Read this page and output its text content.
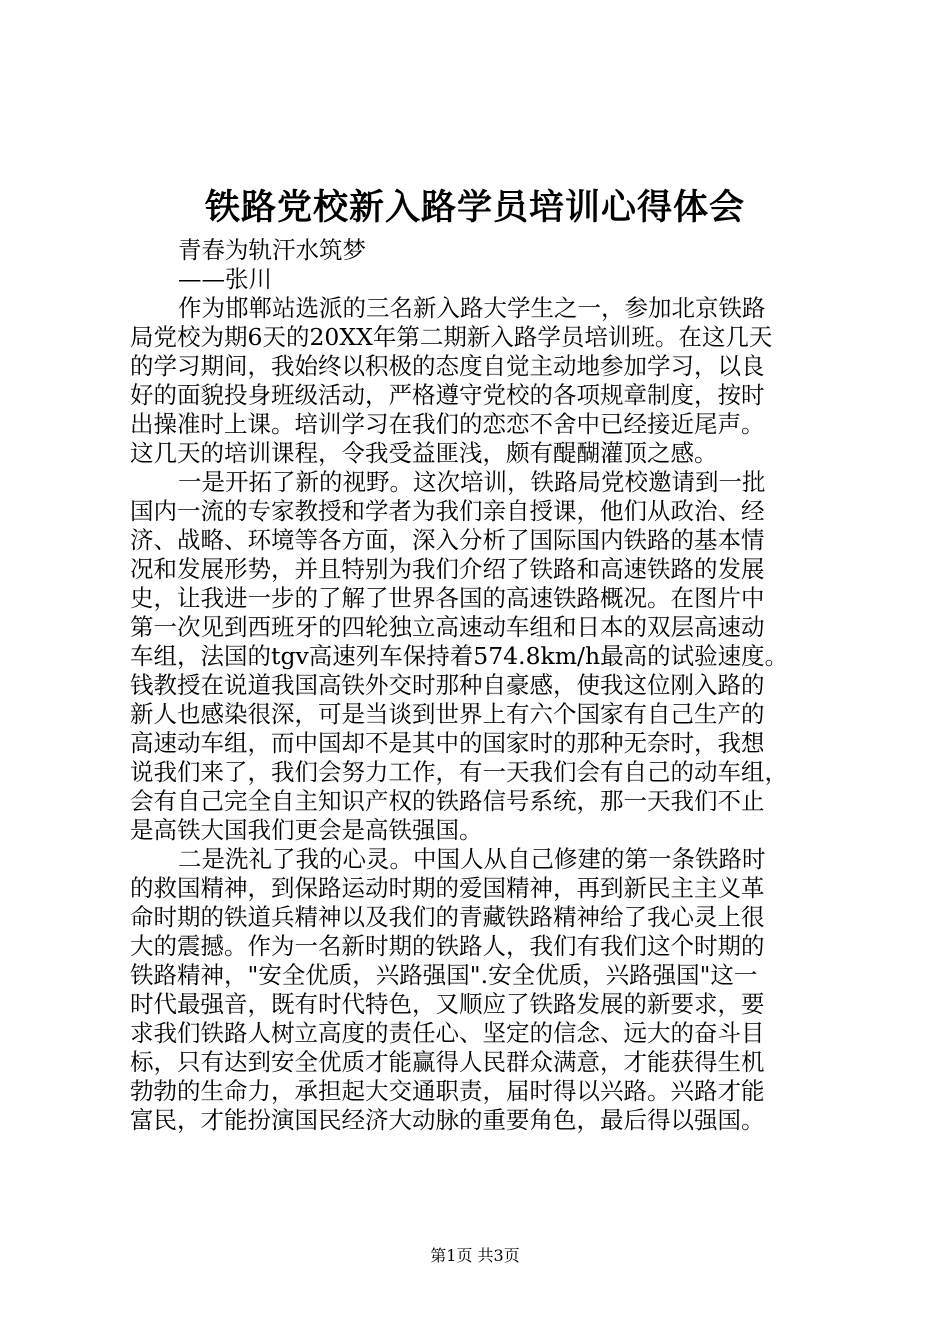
铁路党校新入路学员培训心得体会
青春为轨汗水筑梦
——张川
作为邯郸站选派的三名新入路大学生之一，参加北京铁路
局党校为期6天的20XX年第二期新入路学员培训班。在这几天
的学习期间，我始终以积极的态度自觉主动地参加学习，以良
好的面貌投身班级活动，严格遵守党校的各项规章制度，按时
出操准时上课。培训学习在我们的恋恋不舍中已经接近尾声。
这几天的培训课程，令我受益匪浅，颇有醍醐灌顶之感。
一是开拓了新的视野。这次培训，铁路局党校邀请到一批
国内一流的专家教授和学者为我们亲自授课，他们从政治、经
济、战略、环境等各方面，深入分析了国际国内铁路的基本情
况和发展形势，并且特别为我们介绍了铁路和高速铁路的发展
史，让我进一步的了解了世界各国的高速铁路概况。在图片中
第一次见到西班牙的四轮独立高速动车组和日本的双层高速动
车组，法国的tgv高速列车保持着574.8km/h最高的试验速度。
钱教授在说道我国高铁外交时那种自豪感，使我这位刚入路的
新人也感染很深，可是当谈到世界上有六个国家有自己生产的
高速动车组，而中国却不是其中的国家时的那种无奈时，我想
说我们来了，我们会努力工作，有一天我们会有自己的动车组，
会有自己完全自主知识产权的铁路信号系统，那一天我们不止
是高铁大国我们更会是高铁强国。
二是洗礼了我的心灵。中国人从自己修建的第一条铁路时
的救国精神，到保路运动时期的爱国精神，再到新民主主义革
命时期的铁道兵精神以及我们的青藏铁路精神给了我心灵上很
大的震撼。作为一名新时期的铁路人，我们有我们这个时期的
铁路精神，"安全优质，兴路强国".安全优质，兴路强国"这一
时代最强音，既有时代特色，又顺应了铁路发展的新要求，要
求我们铁路人树立高度的责任心、坚定的信念、远大的奋斗目
标，只有达到安全优质才能赢得人民群众满意，才能获得生机
勃勃的生命力，承担起大交通职责，届时得以兴路。兴路才能
富民，才能扮演国民经济大动脉的重要角色，最后得以强国。
第1页 共3页
